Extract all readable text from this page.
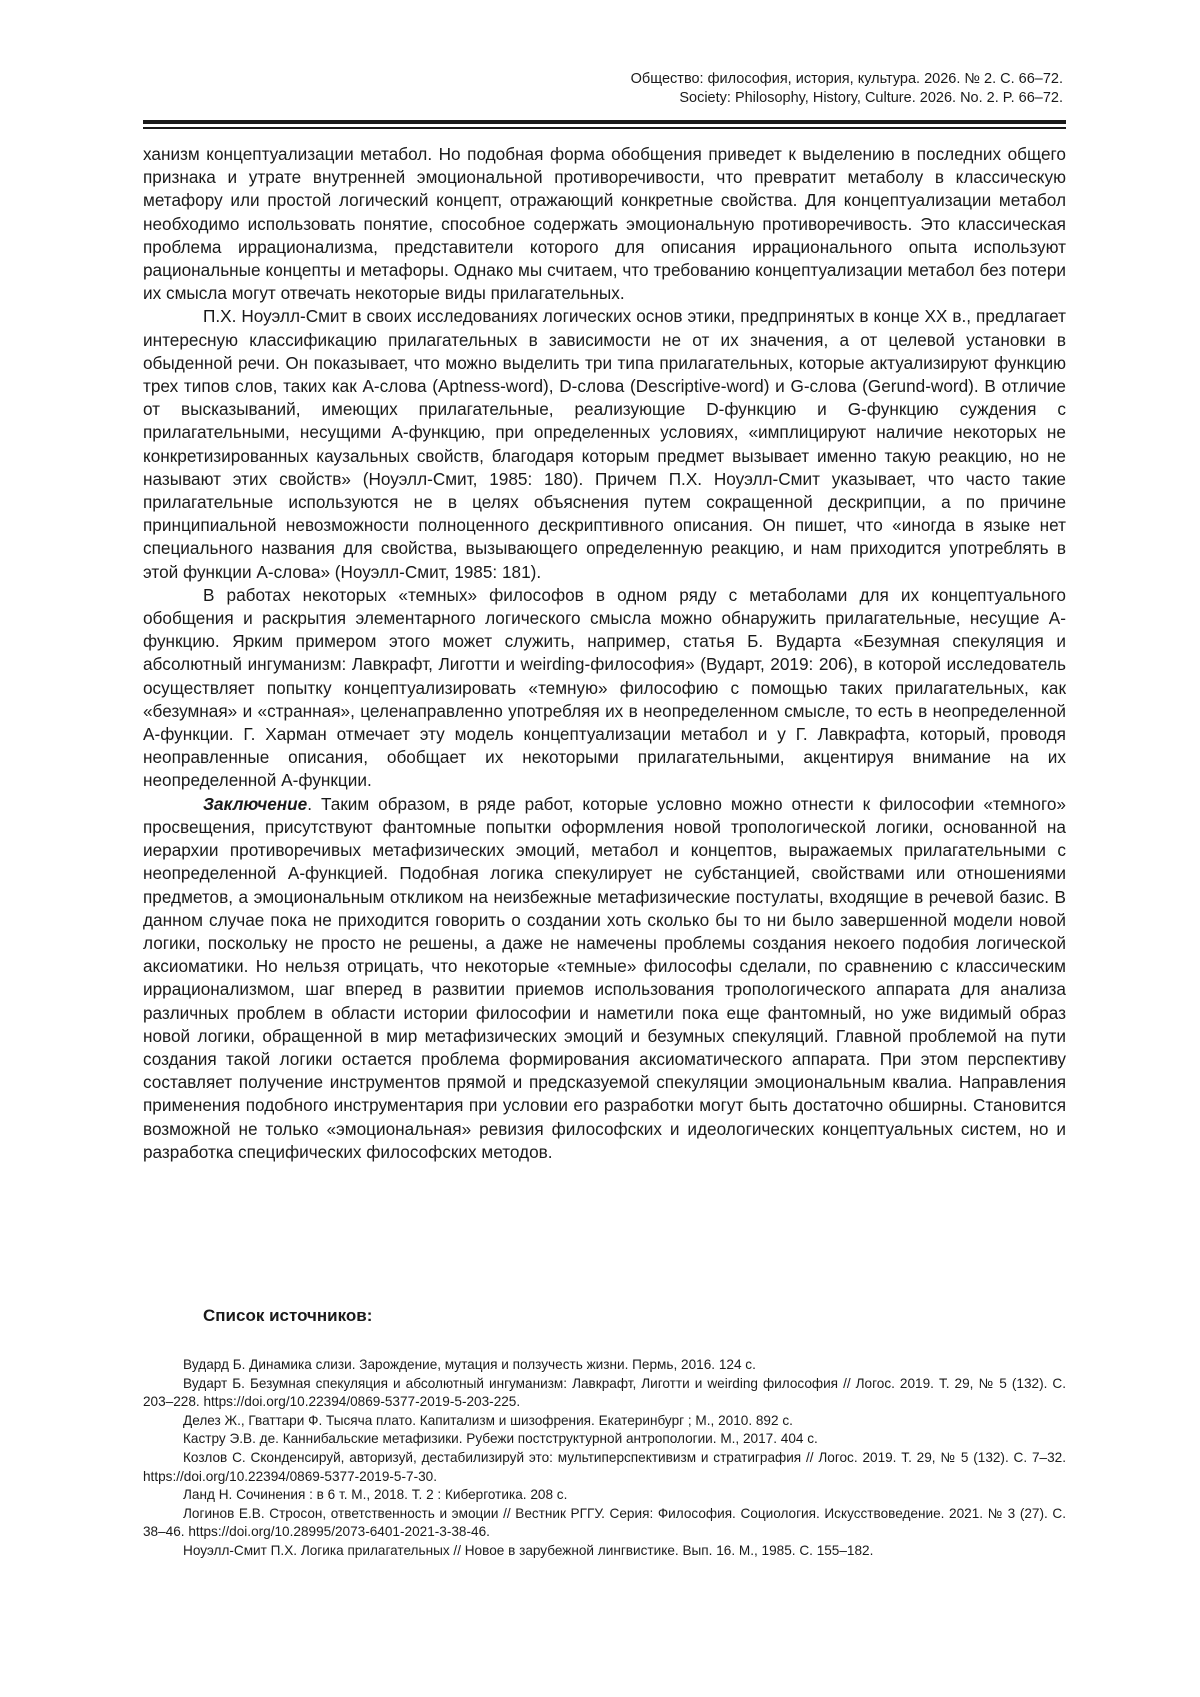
Общество: философия, история, культура. 2026. № 2. С. 66–72.
Society: Philosophy, History, Culture. 2026. No. 2. P. 66–72.

ханизм концептуализации метабол. Но подобная форма обобщения приведет к выделению в последних общего признака и утрате внутренней эмоциональной противоречивости, что превратит метаболу в классическую метафору или простой логический концепт, отражающий конкретные свойства. Для концептуализации метабол необходимо использовать понятие, способное содержать эмоциональную противоречивость. Это классическая проблема иррационализма, представители которого для описания иррационального опыта используют рациональные концепты и метафоры. Однако мы считаем, что требованию концептуализации метабол без потери их смысла могут отвечать некоторые виды прилагательных.

П.Х. Ноуэлл-Смит в своих исследованиях логических основ этики, предпринятых в конце XX в., предлагает интересную классификацию прилагательных в зависимости не от их значения, а от целевой установки в обыденной речи. Он показывает, что можно выделить три типа прилагательных, которые актуализируют функцию трех типов слов, таких как A-слова (Aptness-word), D-слова (Descriptive-word) и G-слова (Gerund-word). В отличие от высказываний, имеющих прилагательные, реализующие D-функцию и G-функцию суждения с прилагательными, несущими A-функцию, при определенных условиях, «имплицируют наличие некоторых не конкретизированных каузальных свойств, благодаря которым предмет вызывает именно такую реакцию, но не называют этих свойств» (Ноуэлл-Смит, 1985: 180). Причем П.Х. Ноуэлл-Смит указывает, что часто такие прилагательные используются не в целях объяснения путем сокращенной дескрипции, а по причине принципиальной невозможности полноценного дескриптивного описания. Он пишет, что «иногда в языке нет специального названия для свойства, вызывающего определенную реакцию, и нам приходится употреблять в этой функции A-слова» (Ноуэлл-Смит, 1985: 181).

В работах некоторых «темных» философов в одном ряду с метаболами для их концептуального обобщения и раскрытия элементарного логического смысла можно обнаружить прилагательные, несущие A-функцию. Ярким примером этого может служить, например, статья Б. Вударта «Безумная спекуляция и абсолютный ингуманизм: Лавкрафт, Лиготти и weirding-философия» (Вударт, 2019: 206), в которой исследователь осуществляет попытку концептуализировать «темную» философию с помощью таких прилагательных, как «безумная» и «странная», целенаправленно употребляя их в неопределенном смысле, то есть в неопределенной A-функции. Г. Харман отмечает эту модель концептуализации метабол и у Г. Лавкрафта, который, проводя неоправленные описания, обобщает их некоторыми прилагательными, акцентируя внимание на их неопределенной A-функции.

Заключение. Таким образом, в ряде работ, которые условно можно отнести к философии «темного» просвещения, присутствуют фантомные попытки оформления новой тропологической логики, основанной на иерархии противоречивых метафизических эмоций, метабол и концептов, выражаемых прилагательными с неопределенной A-функцией. Подобная логика спекулирует не субстанцией, свойствами или отношениями предметов, а эмоциональным откликом на неизбежные метафизические постулаты, входящие в речевой базис. В данном случае пока не приходится говорить о создании хоть сколько бы то ни было завершенной модели новой логики, поскольку не просто не решены, а даже не намечены проблемы создания некоего подобия логической аксиоматики. Но нельзя отрицать, что некоторые «темные» философы сделали, по сравнению с классическим иррационализмом, шаг вперед в развитии приемов использования тропологического аппарата для анализа различных проблем в области истории философии и наметили пока еще фантомный, но уже видимый образ новой логики, обращенной в мир метафизических эмоций и безумных спекуляций. Главной проблемой на пути создания такой логики остается проблема формирования аксиоматического аппарата. При этом перспективу составляет получение инструментов прямой и предсказуемой спекуляции эмоциональным квалиа. Направления применения подобного инструментария при условии его разработки могут быть достаточно обширны. Становится возможной не только «эмоциональная» ревизия философских и идеологических концептуальных систем, но и разработка специфических философских методов.

Список источников:

Вудард Б. Динамика слизи. Зарождение, мутация и ползучесть жизни. Пермь, 2016. 124 с.

Вударт Б. Безумная спекуляция и абсолютный ингуманизм: Лавкрафт, Лиготти и weirding философия // Логос. 2019. Т. 29, № 5 (132). С. 203–228. https://doi.org/10.22394/0869-5377-2019-5-203-225.

Делез Ж., Гваттари Ф. Тысяча плато. Капитализм и шизофрения. Екатеринбург ; М., 2010. 892 с.

Кастру Э.В. де. Каннибальские метафизики. Рубежи постструктурной антропологии. М., 2017. 404 с.

Козлов С. Сконденсируй, авторизуй, дестабилизируй это: мультиперспективизм и стратиграфия // Логос. 2019. Т. 29, № 5 (132). С. 7–32. https://doi.org/10.22394/0869-5377-2019-5-7-30.

Ланд Н. Сочинения : в 6 т. М., 2018. Т. 2 : Киберготика. 208 с.

Логинов Е.В. Стросон, ответственность и эмоции // Вестник РГГУ. Серия: Философия. Социология. Искусствоведение. 2021. № 3 (27). С. 38–46. https://doi.org/10.28995/2073-6401-2021-3-38-46.

Ноуэлл-Смит П.Х. Логика прилагательных // Новое в зарубежной лингвистике. Вып. 16. М., 1985. С. 155–182.
